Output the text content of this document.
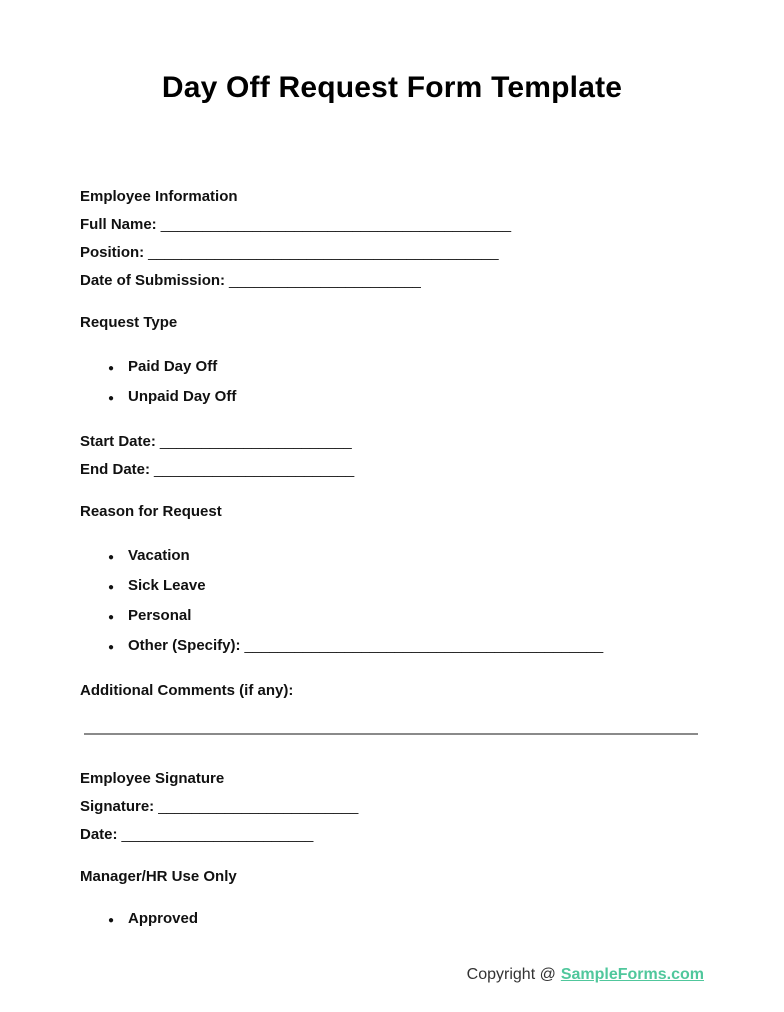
Day Off Request Form Template

Employee Information

Full Name: __________________________________________

Position: __________________________________________

Date of Submission: _______________________

Request Type

● Paid Day Off
● Unpaid Day Off

Start Date: _______________________

End Date: ________________________

Reason for Request

● Vacation
● Sick Leave
● Personal
● Other (Specify): ___________________________________________

Additional Comments (if any):

Employee Signature

Signature: ________________________

Date: _______________________

Manager/HR Use Only

● Approved
Copyright @ SampleForms.com
